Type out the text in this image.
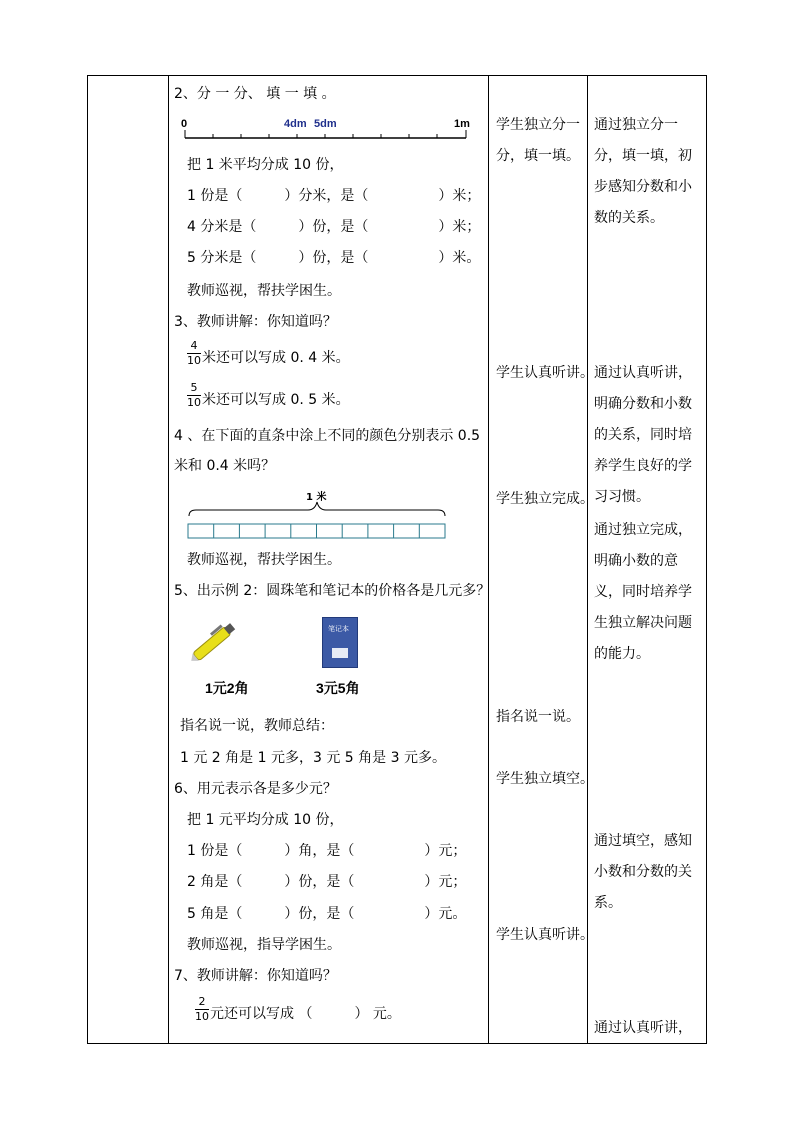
2、分 一 分、 填 一 填 。
0	4dm 5dm	1m
把 1 米平均分成 10 份，
1 份是（　　　）分米，是（　　　　　）米；
4 分米是（　　　）份，是（　　　　　）米；
5 分米是（　　　）份，是（　　　　　）米。
教师巡视，帮扶学困生。
3、教师讲解：你知道吗？
4
10 米还可以写成 0. 4 米。
5
10 米还可以写成 0. 5 米。
4 、在下面的直条中涂上不同的颜色分别表示 0.5
米和 0.4 米吗？
1 米
教师巡视，帮扶学困生。
5、出示例 2：圆珠笔和笔记本的价格各是几元多？
1元2角
笔记本
3元5角
指名说一说，教师总结：
1 元 2 角是 1 元多，3 元 5 角是 3 元多。
6、用元表示各是多少元？
把 1 元平均分成 10 份，
1 份是（　　　）角，是（　　　　　）元；
2 角是（　　　）份，是（　　　　　）元；
5 角是（　　　）份，是（　　　　　）元。
教师巡视，指导学困生。
7、教师讲解：你知道吗？
2
10 元还可以写成 （　　　） 元。
学生独立分一分，填一填。
学生认真听讲。
学生独立完成。
指名说一说。
学生独立填空。
学生认真听讲。
通过独立分一分，填一填，初步感知分数和小数的关系。
通过认真听讲，明确分数和小数的关系，同时培养学生良好的学习习惯。
通过独立完成，明确小数的意义，同时培养学生独立解决问题的能力。
通过填空，感知小数和分数的关系。
通过认真听讲，
